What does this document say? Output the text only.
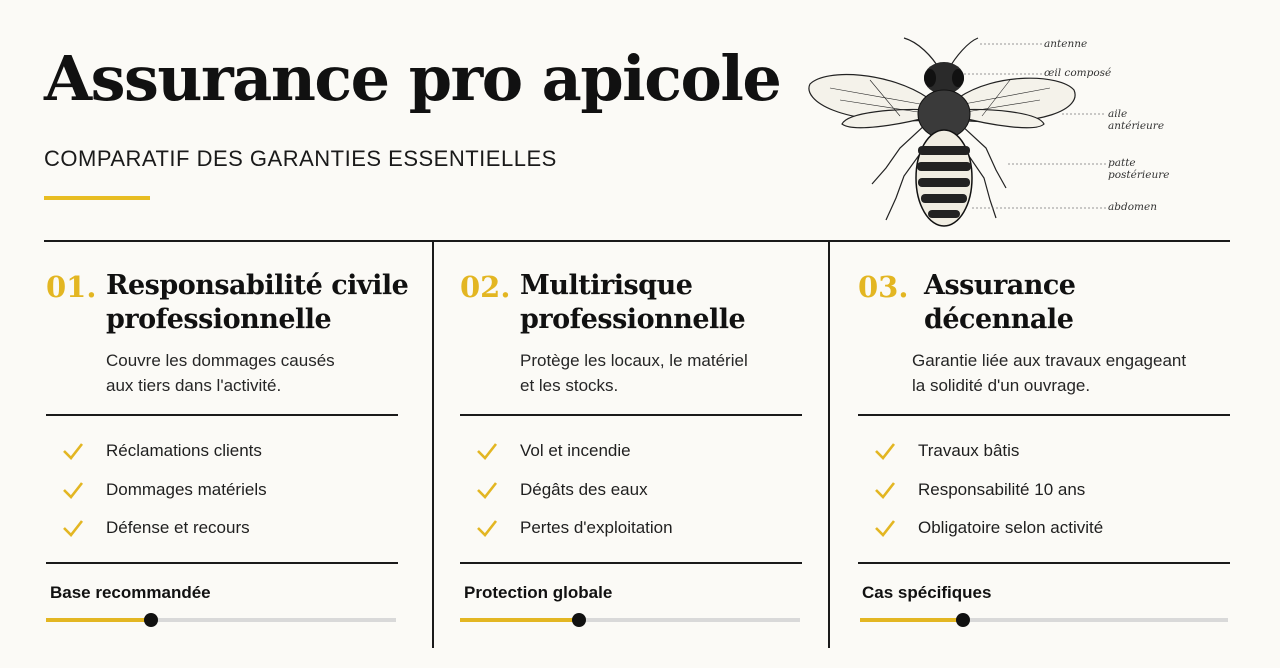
Assurance pro apicole
COMPARATIF DES GARANTIES ESSENTIELLES
antenne
œil composé
aile antérieure
patte postérieure
abdomen
01. Responsabilité civile
professionnelle
Couvre les dommages causés
aux tiers dans l'activité.
Réclamations clients
Dommages matériels
Défense et recours
Base recommandée
02. Multirisque
professionnelle
Protège les locaux, le matériel
et les stocks.
Vol et incendie
Dégâts des eaux
Pertes d'exploitation
Protection globale
03. Assurance
décennale
Garantie liée aux travaux engageant
la solidité d'un ouvrage.
Travaux bâtis
Responsabilité 10 ans
Obligatoire selon activité
Cas spécifiques
